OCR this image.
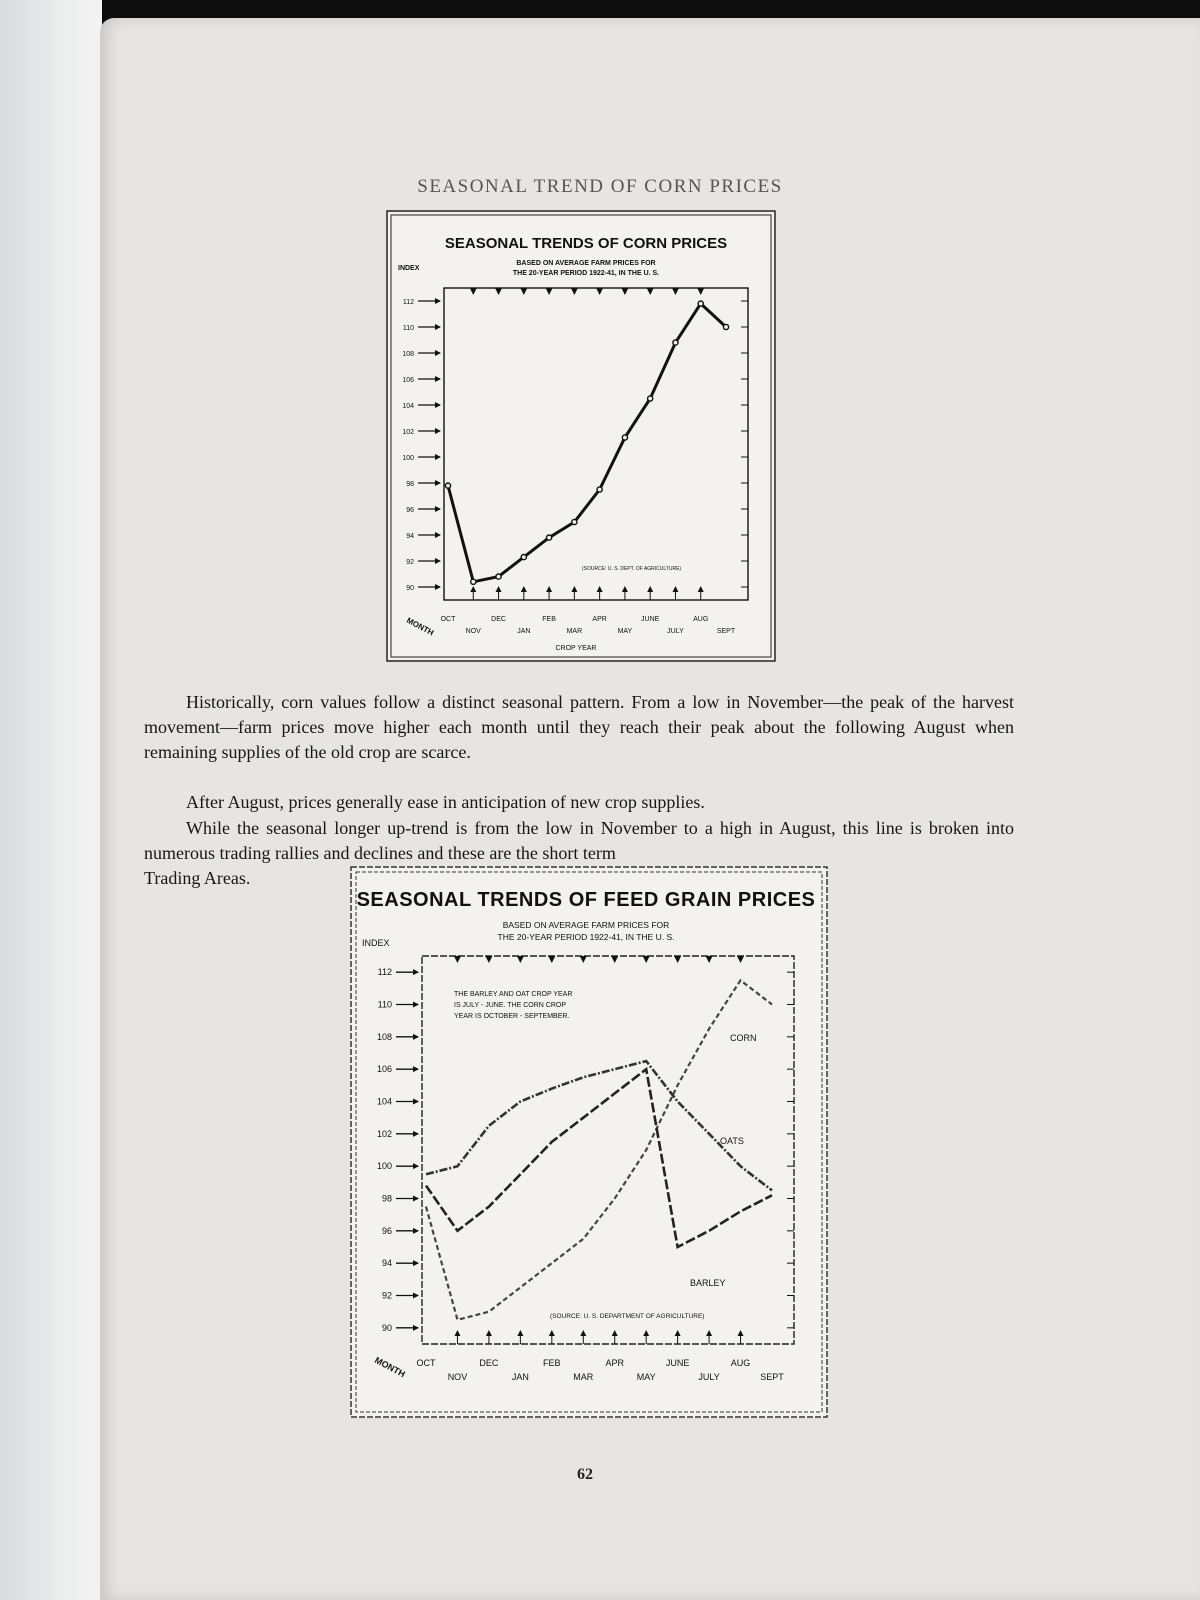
SEASONAL TREND OF CORN PRICES
SEASONAL TRENDS OF CORN PRICES
BASED ON AVERAGE FARM PRICES FOR
THE 20-YEAR PERIOD 1922-41, IN THE U. S.
INDEX
112
110
108
106
104
102
100
98
96
94
92
90
OCT	DEC	FEB	APR	JUNE	AUG
NOV	JAN	MAR	MAY	JULY	SEPT
(SOURCE: U. S. DEPT. OF AGRICULTURE)
CROP YEAR
MONTH

Historically, corn values follow a distinct seasonal pattern. From a low in November—the peak of the harvest movement—farm prices move higher each month until they reach their peak about the following August when remaining supplies of the old crop are scarce.

After August, prices generally ease in anticipation of new crop supplies.

While the seasonal longer up-trend is from the low in November to a high in August, this line is broken into numerous trading rallies and declines and these are the short term
Trading Areas.

SEASONAL TRENDS OF FEED GRAIN PRICES
BASED ON AVERAGE FARM PRICES FOR
THE 20-YEAR PERIOD 1922-41, IN THE U. S.
INDEX
112
110
108
106
104
102
100
98
96
94
92
90
THE BARLEY AND OAT CROP YEAR
IS JULY - JUNE. THE CORN CROP
YEAR IS OCTOBER - SEPTEMBER.
CORN
OATS
BARLEY
(SOURCE: U. S. DEPARTMENT OF AGRICULTURE)
OCT	DEC	FEB	APR	JUNE	AUG
NOV	JAN	MAR	MAY	JULY	SEPT
MONTH
62
